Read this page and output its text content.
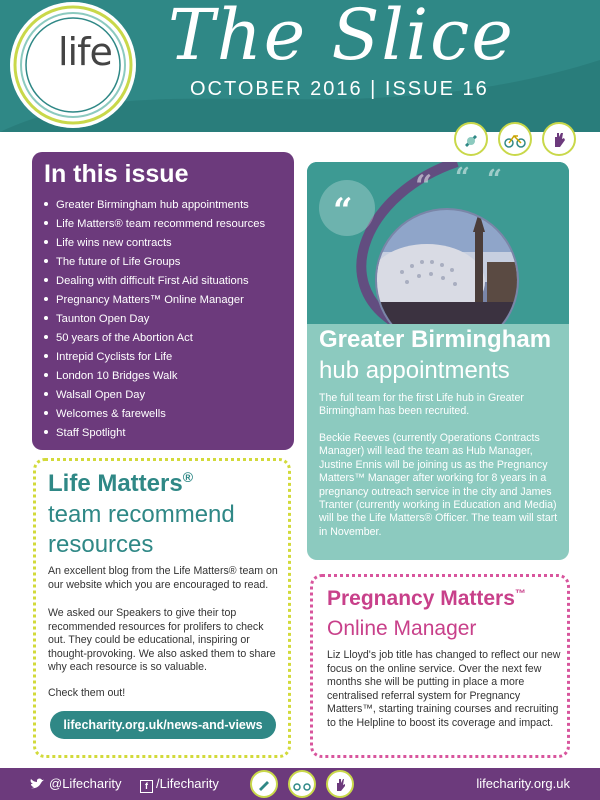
life The Slice
OCTOBER 2016 | ISSUE 16
In this issue
Greater Birmingham hub appointments
Life Matters® team recommend resources
Life wins new contracts
The future of Life Groups
Dealing with difficult First Aid situations
Pregnancy Matters™ Online Manager
Taunton Open Day
50 years of the Abortion Act
Intrepid Cyclists for Life
London 10 Bridges Walk
Walsall Open Day
Welcomes & farewells
Staff Spotlight
“
“ “ “
Greater Birmingham
hub appointments

The full team for the first Life hub in Greater Birmingham has been recruited.

Beckie Reeves (currently Operations Contracts Manager) will lead the team as Hub Manager, Justine Ennis will be joining us as the Pregnancy Matters™ Manager after working for 8 years in a pregnancy outreach service in the city and James Tranter (currently working in Education and Media) will be the Life Matters® Officer. The team will start in November.

Life Matters®
team recommend
resources

An excellent blog from the Life Matters® team on our website which you are encouraged to read.

We asked our Speakers to give their top recommended resources for prolifers to check out. They could be educational, inspiring or thought-provoking. We also asked them to share why each resource is so valuable.

Check them out!

lifecharity.org.uk/news-and-views
Pregnancy Matters™
Online Manager

Liz Lloyd's job title has changed to reflect our new focus on the online service. Over the next few months she will be putting in place a more centralised referral system for Pregnancy Matters™, starting training courses and recruiting to the Helpline to boost its coverage and impact.

@Lifecharity	f /Lifecharity	lifecharity.org.uk
